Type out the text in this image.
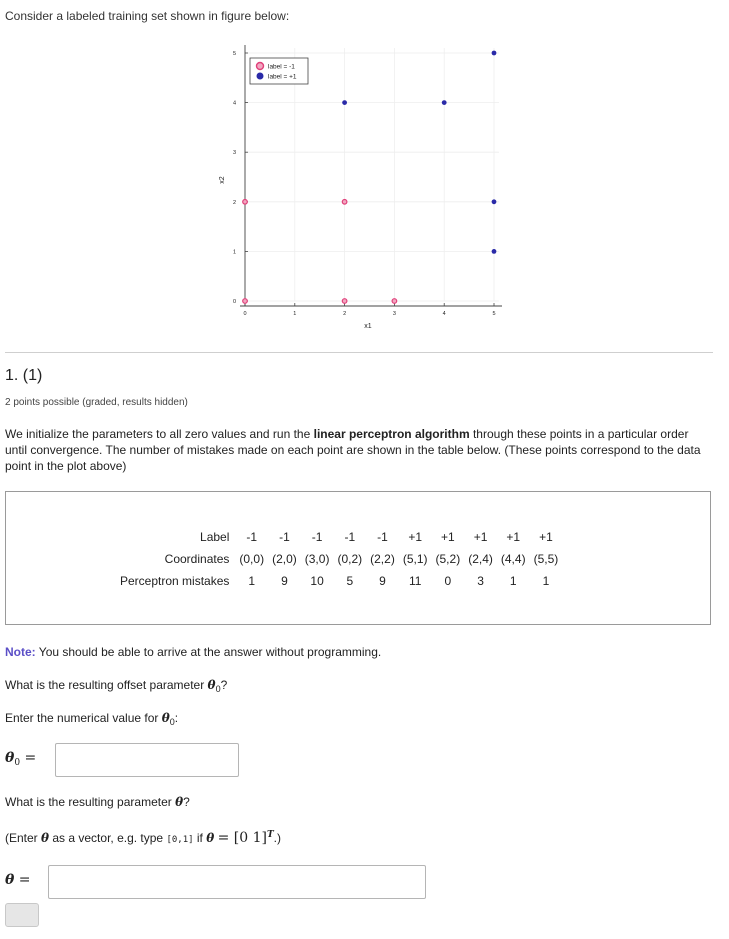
Consider a labeled training set shown in figure below:
0
0
1
1
2
2
3
3
4
4
5
5
label = -1
label = +1
x1
x2
1. (1)
2 points possible (graded, results hidden)
We initialize the parameters to all zero values and run the linear perceptron algorithm through these points in a particular order until convergence. The number of mistakes made on each point are shown in the table below. (These points correspond to the data point in the plot above)
Label	-1	-1	-1	-1	-1	+1	+1	+1	+1	+1
Coordinates	(0,0)	(2,0)	(3,0)	(0,2)	(2,2)	(5,1)	(5,2)	(2,4)	(4,4)	(5,5)
Perceptron mistakes	1	9	10	5	9	11	0	3	1	1
Note: You should be able to arrive at the answer without programming.
What is the resulting offset parameter $\theta_0$?
Enter the numerical value for $\theta_0$:
$\theta_0$ =
What is the resulting parameter θ?
(Enter θ as a vector, e.g. type [0,1] if θ = [0 1]$^T$.)
θ =
